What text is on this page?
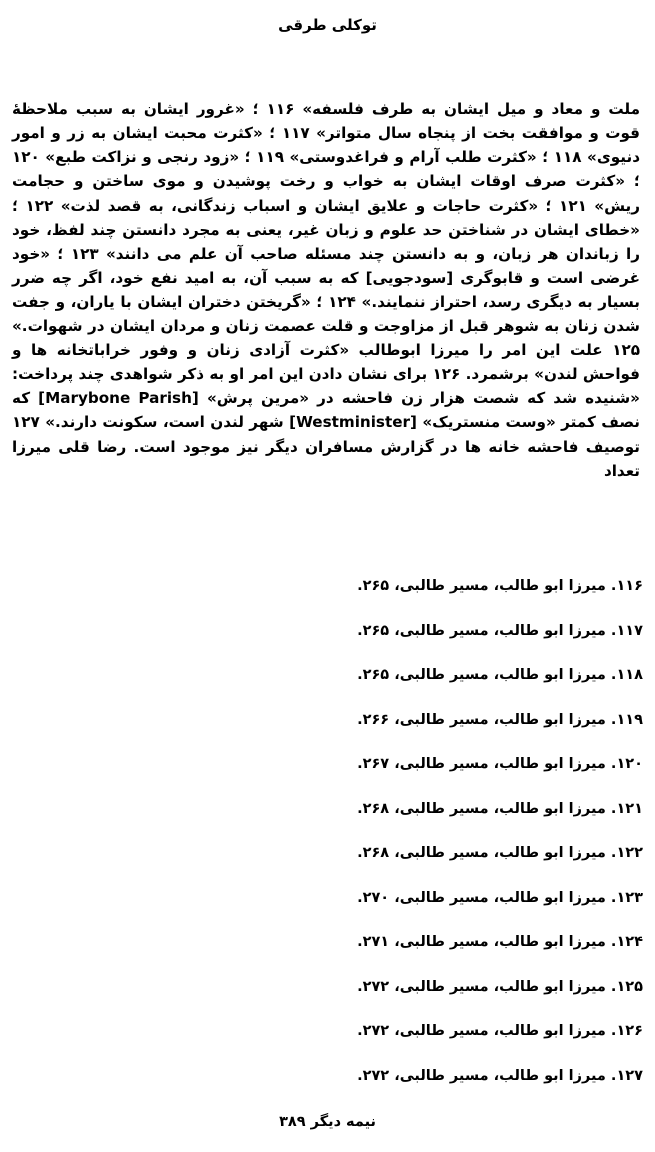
توکلی طرقی

ملت و معاد و میل ایشان به طرف فلسفه»‏ ۱۱۶ ؛ «غرور ایشان به سبب ملاحظهٔ قوت و موافقت بخت از پنجاه سال متواتر»‏ ۱۱۷ ؛ «کثرت محبت ایشان به زر و امور دنیوی»‏ ۱۱۸ ؛ «کثرت طلب آرام و فراغدوستی»‏ ۱۱۹ ؛ «زود رنجی و نزاکت طبع»‏ ۱۲۰ ؛ «کثرت صرف اوقات ایشان به خواب و رخت پوشیدن و موی ساختن و حجامت ریش»‏ ۱۲۱ ؛ «کثرت حاجات و علایق ایشان و اسباب زندگانی، به قصد لذت»‏ ۱۲۲ ؛ «خطای ایشان در شناختن حد علوم و زبان غیر، یعنی به مجرد دانستن چند لفظ، خود را زباندان هر زبان، و به دانستن چند مسئله صاحب آن علم می دانند»‏ ۱۲۳ ؛ «خود غرضی است و قابوگری [سودجویی] که به سبب آن، به امید نفع خود، اگر چه ضرر بسیار به دیگری رسد، احتراز ننمایند.»‏ ۱۲۴ ؛ «گریختن دختران ایشان با یاران، و جفت شدن زنان به شوهر قبل از مزاوجت و قلت عصمت زنان و مردان ایشان در شهوات.»‏ ۱۲۵ علت این امر را میرزا ابوطالب «کثرت آزادی زنان و وفور خراباتخانه ها و فواحش لندن» برشمرد.‏ ۱۲۶ برای نشان دادن این امر او به ذکر شواهدی چند پرداخت: «شنیده شد که شصت هزار زن فاحشه در «مرین پرش» [Marybone Parish] که نصف کمتر «وست منستریک» [Westminister] شهر لندن است، سکونت دارند.»‏ ۱۲۷ توصیف فاحشه خانه ها در گزارش مسافران دیگر نیز موجود است. رضا قلی میرزا تعداد

۱۱۶. میرزا ابو طالب، مسیر طالبی، ۲۶۵.
۱۱۷. میرزا ابو طالب، مسیر طالبی، ۲۶۵.
۱۱۸. میرزا ابو طالب، مسیر طالبی، ۲۶۵.
۱۱۹. میرزا ابو طالب، مسیر طالبی، ۲۶۶.
۱۲۰. میرزا ابو طالب، مسیر طالبی، ۲۶۷.
۱۲۱. میرزا ابو طالب، مسیر طالبی، ۲۶۸.
۱۲۲. میرزا ابو طالب، مسیر طالبی، ۲۶۸.
۱۲۳. میرزا ابو طالب، مسیر طالبی، ۲۷۰.
۱۲۴. میرزا ابو طالب، مسیر طالبی، ۲۷۱.
۱۲۵. میرزا ابو طالب، مسیر طالبی، ۲۷۲.
۱۲۶. میرزا ابو طالب، مسیر طالبی، ۲۷۲.
۱۲۷. میرزا ابو طالب، مسیر طالبی، ۲۷۲.
نیمه دیگر ۳۸۹
